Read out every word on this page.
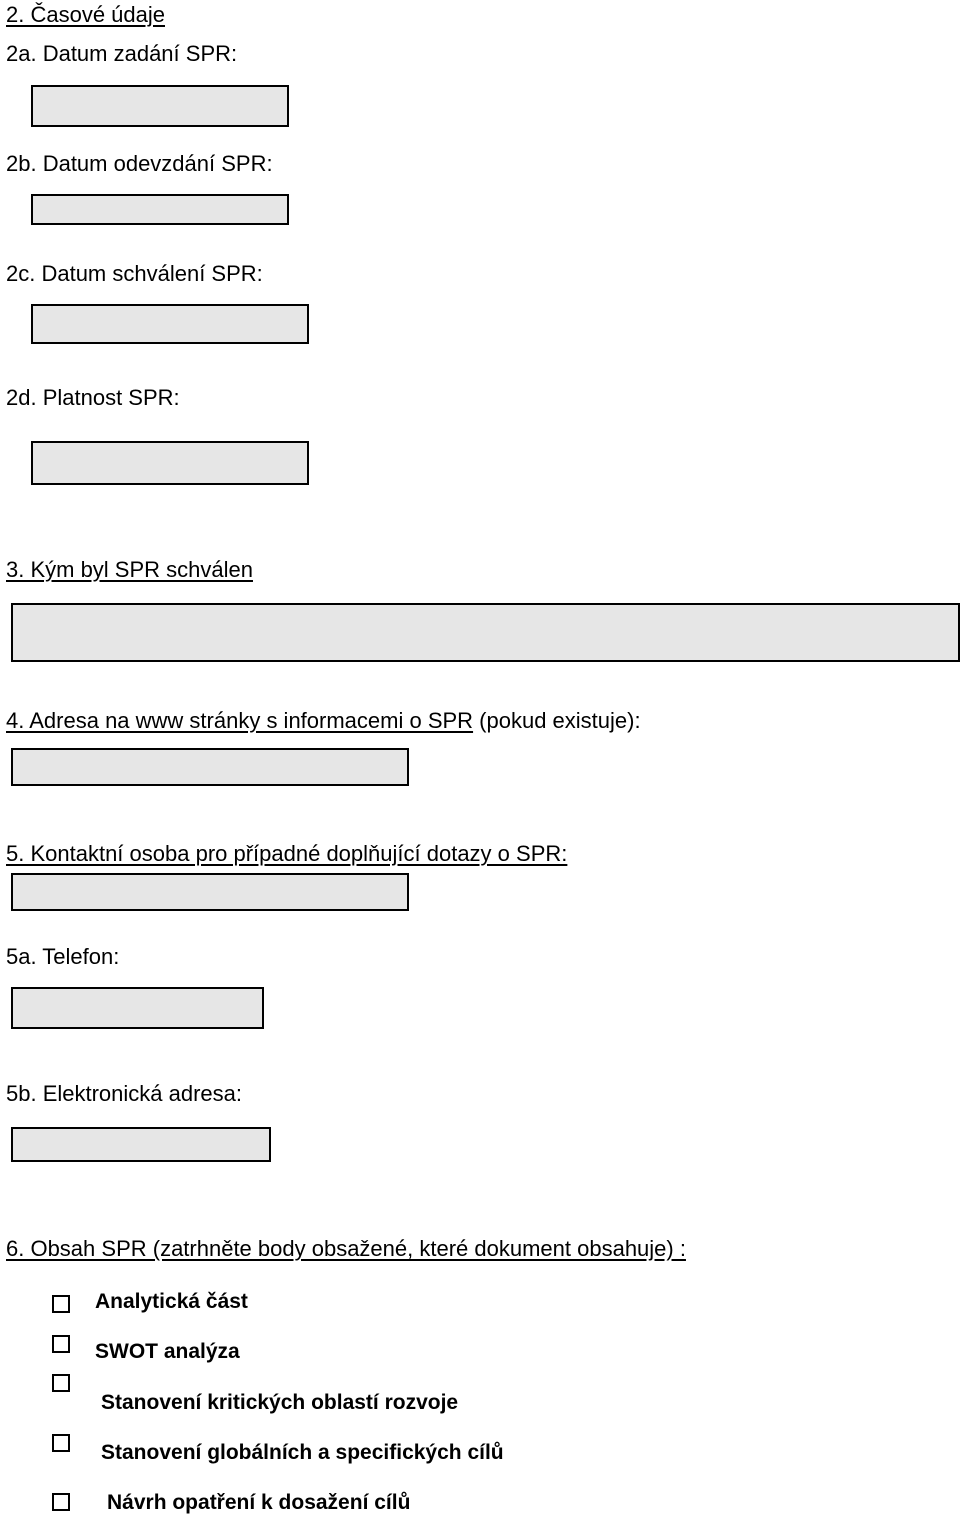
2. Časové údaje

2a. Datum zadání SPR:

2b. Datum odevzdání SPR:

2c. Datum schválení SPR:

2d. Platnost SPR:

3. Kým byl SPR schválen

4. Adresa na www stránky s informacemi o SPR (pokud existuje):

5. Kontaktní osoba pro případné doplňující dotazy o SPR:

5a. Telefon:

5b. Elektronická adresa:

6. Obsah SPR (zatrhněte body obsažené, které dokument obsahuje) :

Analytická část
SWOT analýza
Stanovení kritických oblastí rozvoje
Stanovení globálních a specifických cílů
Návrh opatření k dosažení cílů
